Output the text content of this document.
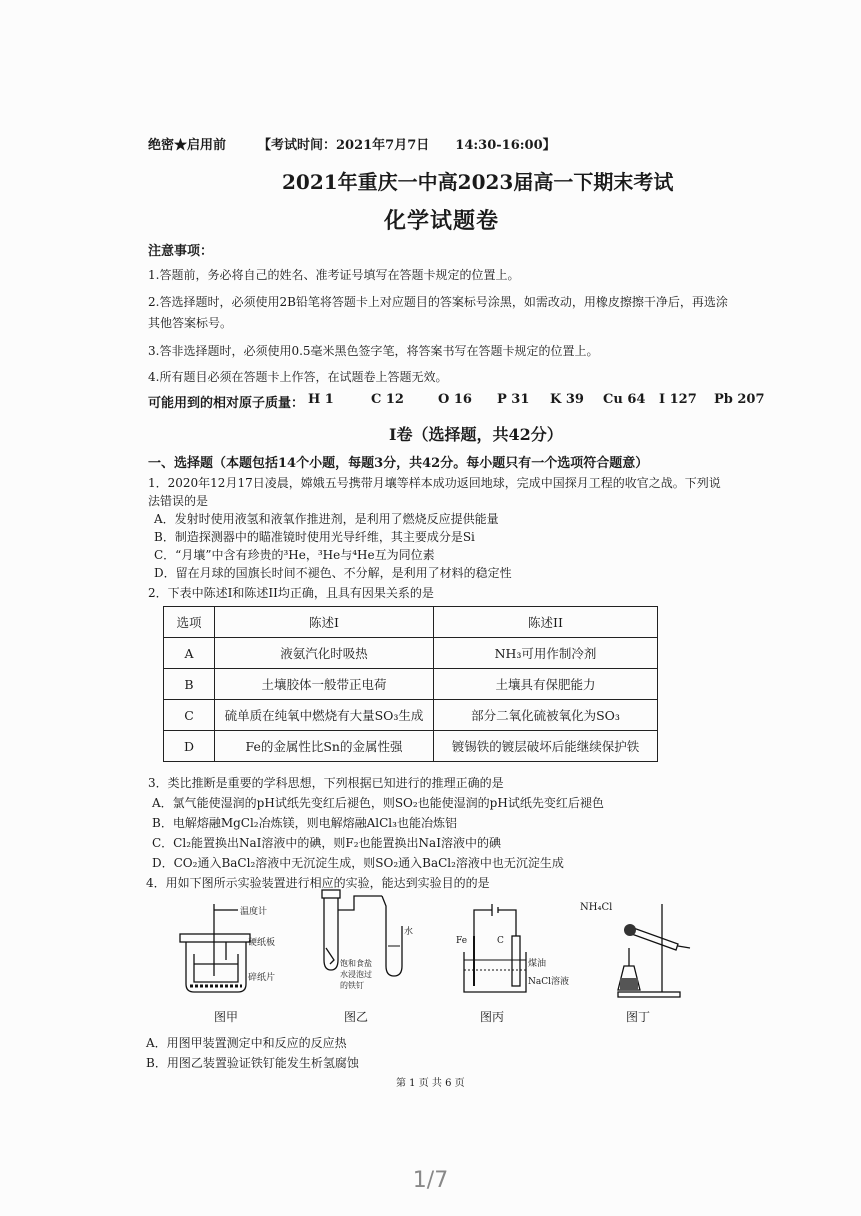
绝密★启用前 【考试时间：2021年7月7日　　14:30-16:00】
2021年重庆一中高2023届高一下期末考试
化学试题卷
注意事项：
1.答题前，务必将自己的姓名、准考证号填写在答题卡规定的位置上。
2.答选择题时，必须使用2B铅笔将答题卡上对应题目的答案标号涂黑，如需改动，用橡皮擦擦干净后，再选涂
其他答案标号。
3.答非选择题时，必须使用0.5毫米黑色签字笔，将答案书写在答题卡规定的位置上。
4.所有题目必须在答题卡上作答，在试题卷上答题无效。
可能用到的相对原子质量： H 1	C 12	O 16 P 31 K 39 Cu 64 I 127 Pb 207
I卷（选择题，共42分）
一、选择题（本题包括14个小题，每题3分，共42分。每小题只有一个选项符合题意）
1．2020年12月17日凌晨，嫦娥五号携带月壤等样本成功返回地球，完成中国探月工程的收官之战。下列说
法错误的是
A．发射时使用液氢和液氧作推进剂，是利用了燃烧反应提供能量
B．制造探测器中的瞄准镜时使用光导纤维，其主要成分是Si
C．“月壤”中含有珍贵的³He，³He与⁴He互为同位素
D．留在月球的国旗长时间不褪色、不分解，是利用了材料的稳定性
2．下表中陈述I和陈述II均正确，且具有因果关系的是
选项	陈述I	陈述II
A	液氨汽化时吸热	NH₃可用作制冷剂
B	土壤胶体一般带正电荷	土壤具有保肥能力
C	硫单质在纯氧中燃烧有大量SO₃生成	部分二氧化硫被氧化为SO₃
D	Fe的金属性比Sn的金属性强	镀锡铁的镀层破坏后能继续保护铁
3．类比推断是重要的学科思想，下列根据已知进行的推理正确的是
A．氯气能使湿润的pH试纸先变红后褪色，则SO₂也能使湿润的pH试纸先变红后褪色
B．电解熔融MgCl₂冶炼镁，则电解熔融AlCl₃也能冶炼铝
C．Cl₂能置换出NaI溶液中的碘，则F₂也能置换出NaI溶液中的碘
D．CO₂通入BaCl₂溶液中无沉淀生成，则SO₂通入BaCl₂溶液中也无沉淀生成
4．用如下图所示实验装置进行相应的实验，能达到实验目的的是
温度计
硬纸板
碎纸片
图甲
水
饱和食盐
水浸泡过
的铁钉
图乙
Fe	C
煤油
NaCl溶液
图丙
NH₄Cl
图丁
A．用图甲装置测定中和反应的反应热
B．用图乙装置验证铁钉能发生析氢腐蚀
第 1 页 共 6 页
1/7
